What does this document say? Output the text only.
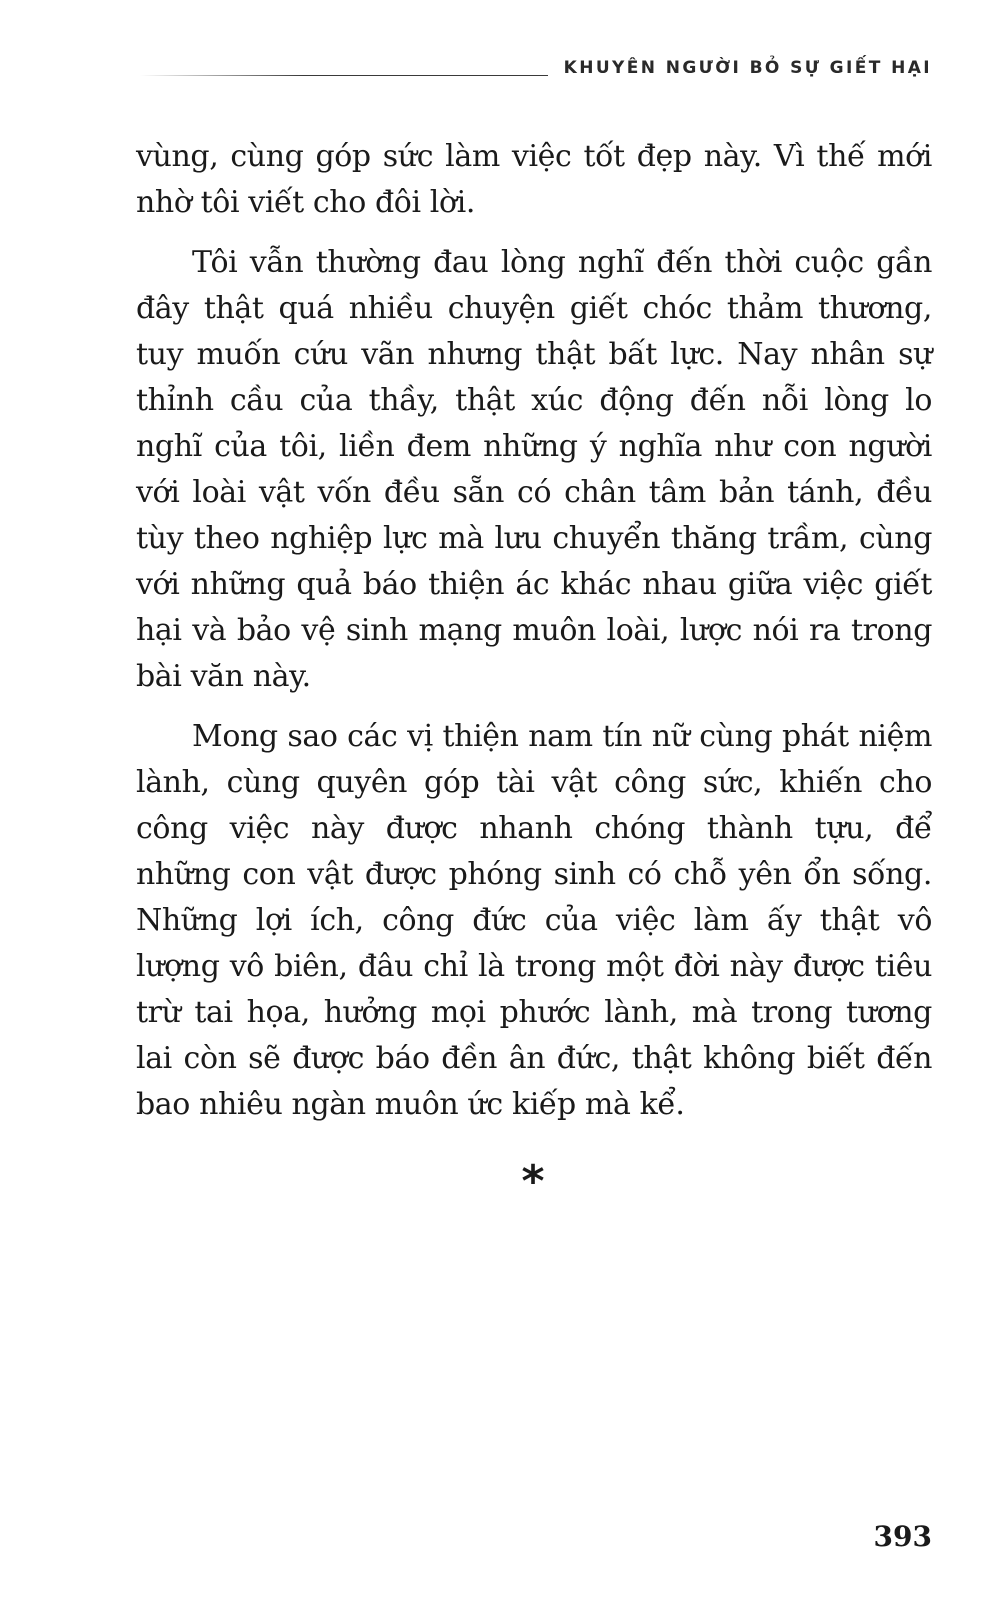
KHUYÊN NGƯỜI BỎ SỰ GIẾT HẠI

vùng, cùng góp sức làm việc tốt đẹp này. Vì thế mới nhờ tôi viết cho đôi lời.

Tôi vẫn thường đau lòng nghĩ đến thời cuộc gần đây thật quá nhiều chuyện giết chóc thảm thương, tuy muốn cứu vãn nhưng thật bất lực. Nay nhân sự thỉnh cầu của thầy, thật xúc động đến nỗi lòng lo nghĩ của tôi, liền đem những ý nghĩa như con người với loài vật vốn đều sẵn có chân tâm bản tánh, đều tùy theo nghiệp lực mà lưu chuyển thăng trầm, cùng với những quả báo thiện ác khác nhau giữa việc giết hại và bảo vệ sinh mạng muôn loài, lược nói ra trong bài văn này.

Mong sao các vị thiện nam tín nữ cùng phát niệm lành, cùng quyên góp tài vật công sức, khiến cho công việc này được nhanh chóng thành tựu, để những con vật được phóng sinh có chỗ yên ổn sống. Những lợi ích, công đức của việc làm ấy thật vô lượng vô biên, đâu chỉ là trong một đời này được tiêu trừ tai họa, hưởng mọi phước lành, mà trong tương lai còn sẽ được báo đền ân đức, thật không biết đến bao nhiêu ngàn muôn ức kiếp mà kể.

*
393
